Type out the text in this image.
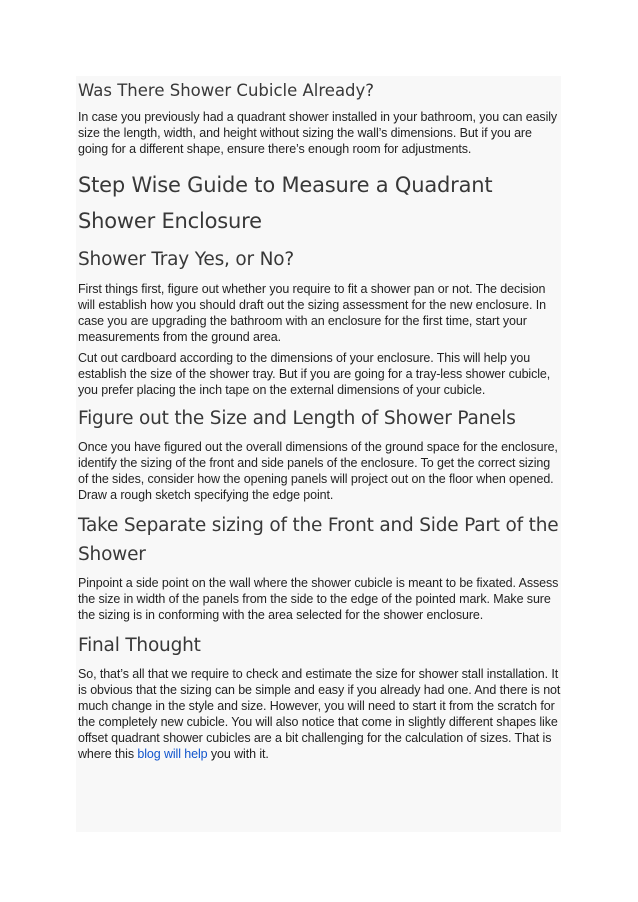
Was There Shower Cubicle Already?

In case you previously had a quadrant shower installed in your bathroom, you can easily size the length, width, and height without sizing the wall’s dimensions. But if you are going for a different shape, ensure there’s enough room for adjustments.

Step Wise Guide to Measure a Quadrant Shower Enclosure
Shower Tray Yes, or No?

First things first, figure out whether you require to fit a shower pan or not. The decision will establish how you should draft out the sizing assessment for the new enclosure. In case you are upgrading the bathroom with an enclosure for the first time, start your measurements from the ground area.

Cut out cardboard according to the dimensions of your enclosure. This will help you establish the size of the shower tray. But if you are going for a tray-less shower cubicle, you prefer placing the inch tape on the external dimensions of your cubicle.

Figure out the Size and Length of Shower Panels

Once you have figured out the overall dimensions of the ground space for the enclosure, identify the sizing of the front and side panels of the enclosure. To get the correct sizing of the sides, consider how the opening panels will project out on the floor when opened. Draw a rough sketch specifying the edge point.

Take Separate sizing of the Front and Side Part of the Shower

Pinpoint a side point on the wall where the shower cubicle is meant to be fixated. Assess the size in width of the panels from the side to the edge of the pointed mark. Make sure the sizing is in conforming with the area selected for the shower enclosure.

Final Thought

So, that’s all that we require to check and estimate the size for shower stall installation. It is obvious that the sizing can be simple and easy if you already had one. And there is not much change in the style and size. However, you will need to start it from the scratch for the completely new cubicle. You will also notice that come in slightly different shapes like offset quadrant shower cubicles are a bit challenging for the calculation of sizes. That is where this blog will help you with it.
